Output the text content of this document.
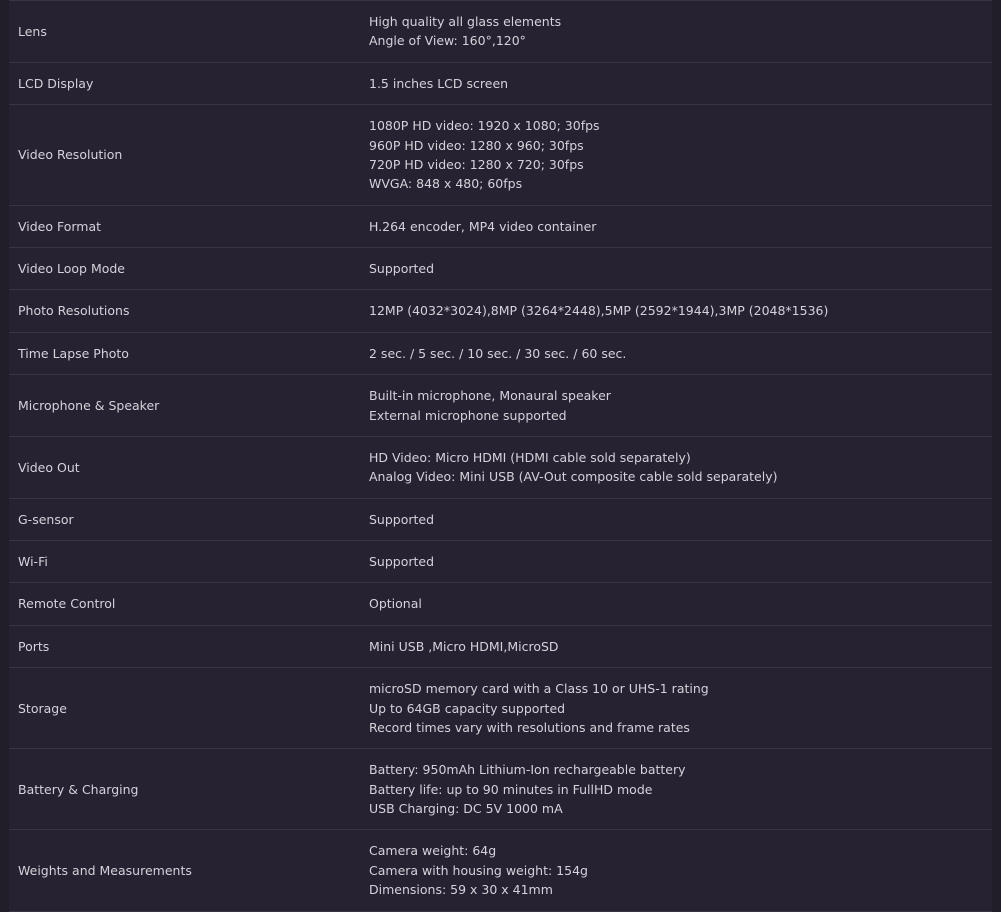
Lens	High quality all glass elements
Angle of View: 160°,120°

LCD Display	1.5 inches LCD screen

Video Resolution	1080P HD video: 1920 x 1080; 30fps
960P HD video: 1280 x 960; 30fps
720P HD video: 1280 x 720; 30fps
WVGA: 848 x 480; 60fps

Video Format	H.264 encoder, MP4 video container

Video Loop Mode	Supported

Photo Resolutions	12MP (4032*3024),8MP (3264*2448),5MP (2592*1944),3MP (2048*1536)

Time Lapse Photo	2 sec. / 5 sec. / 10 sec. / 30 sec. / 60 sec.

Microphone & Speaker	Built-in microphone, Monaural speaker
External microphone supported

Video Out	HD Video: Micro HDMI (HDMI cable sold separately)
Analog Video: Mini USB (AV-Out composite cable sold separately)

G-sensor	Supported

Wi-Fi	Supported

Remote Control	Optional

Ports	Mini USB ,Micro HDMI,MicroSD

Storage	microSD memory card with a Class 10 or UHS-1 rating
Up to 64GB capacity supported
Record times vary with resolutions and frame rates

Battery & Charging	Battery: 950mAh Lithium-Ion rechargeable battery
Battery life: up to 90 minutes in FullHD mode
USB Charging: DC 5V 1000 mA

Weights and Measurements	Camera weight: 64g
Camera with housing weight: 154g
Dimensions: 59 x 30 x 41mm
